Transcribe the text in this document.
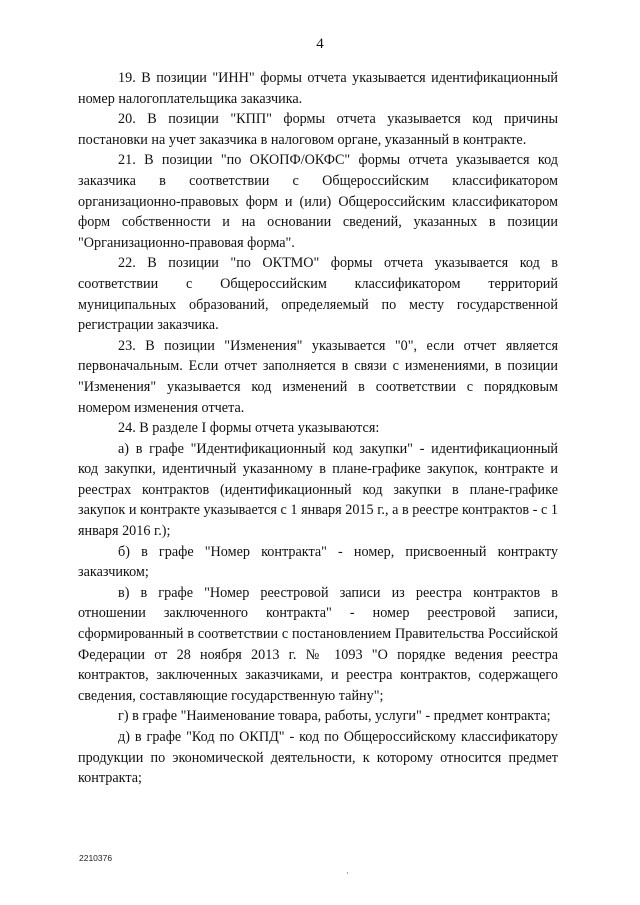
4

19. В позиции "ИНН" формы отчета указывается идентификационный номер налогоплательщика заказчика.

20. В позиции "КПП" формы отчета указывается код причины постановки на учет заказчика в налоговом органе, указанный в контракте.

21. В позиции "по ОКОПФ/ОКФС" формы отчета указывается код заказчика в соответствии с Общероссийским классификатором организационно-правовых форм и (или) Общероссийским классификатором форм собственности и на основании сведений, указанных в позиции "Организационно-правовая форма".

22. В позиции "по ОКТМО" формы отчета указывается код в соответствии с Общероссийским классификатором территорий муниципальных образований, определяемый по месту государственной регистрации заказчика.

23. В позиции "Изменения" указывается "0", если отчет является первоначальным. Если отчет заполняется в связи с изменениями, в позиции "Изменения" указывается код изменений в соответствии с порядковым номером изменения отчета.

24. В разделе I формы отчета указываются:

а) в графе "Идентификационный код закупки" - идентификационный код закупки, идентичный указанному в плане-графике закупок, контракте и реестрах контрактов (идентификационный код закупки в плане-графике закупок и контракте указывается с 1 января 2015 г., а в реестре контрактов - с 1 января 2016 г.);

б) в графе "Номер контракта" - номер, присвоенный контракту заказчиком;

в) в графе "Номер реестровой записи из реестра контрактов в отношении заключенного контракта" - номер реестровой записи, сформированный в соответствии с постановлением Правительства Российской Федерации от 28 ноября 2013 г. № 1093 "О порядке ведения реестра контрактов, заключенных заказчиками, и реестра контрактов, содержащего сведения, составляющие государственную тайну";

г) в графе "Наименование товара, работы, услуги" - предмет контракта;

д) в графе "Код по ОКПД" - код по Общероссийскому классификатору продукции по экономической деятельности, к которому относится предмет контракта;

2210376
·
